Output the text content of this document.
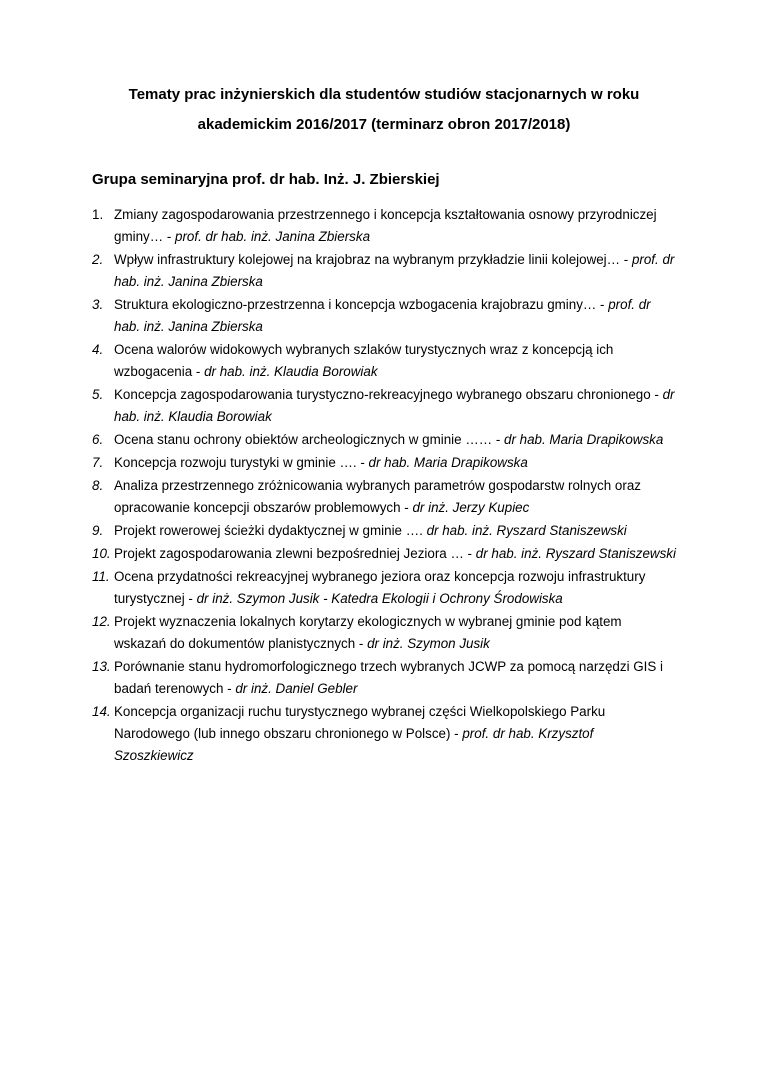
Tematy prac inżynierskich dla studentów studiów stacjonarnych w roku
akademickim 2016/2017 (terminarz obron 2017/2018)
Grupa seminaryjna prof. dr hab. Inż. J. Zbierskiej
1. Zmiany zagospodarowania przestrzennego i koncepcja kształtowania osnowy przyrodniczej gminy… - prof. dr hab. inż. Janina Zbierska
2. Wpływ infrastruktury kolejowej na krajobraz na wybranym przykładzie linii kolejowej… - prof. dr hab. inż. Janina Zbierska
3. Struktura ekologiczno-przestrzenna i koncepcja wzbogacenia krajobrazu gminy… - prof. dr hab. inż. Janina Zbierska
4. Ocena walorów widokowych wybranych szlaków turystycznych wraz z koncepcją ich wzbogacenia - dr hab. inż. Klaudia Borowiak
5. Koncepcja zagospodarowania turystyczno-rekreacyjnego wybranego obszaru chronionego - dr hab. inż. Klaudia Borowiak
6. Ocena stanu ochrony obiektów archeologicznych w gminie …… - dr hab. Maria Drapikowska
7. Koncepcja rozwoju turystyki w gminie …. - dr hab. Maria Drapikowska
8. Analiza przestrzennego zróżnicowania wybranych parametrów gospodarstw rolnych oraz opracowanie koncepcji obszarów problemowych - dr inż. Jerzy Kupiec
9. Projekt rowerowej ścieżki dydaktycznej w gminie …. dr hab. inż. Ryszard Staniszewski
10. Projekt zagospodarowania zlewni bezpośredniej Jeziora … - dr hab. inż. Ryszard Staniszewski
11. Ocena przydatności rekreacyjnej wybranego jeziora oraz koncepcja rozwoju infrastruktury turystycznej - dr inż. Szymon Jusik - Katedra Ekologii i Ochrony Środowiska
12. Projekt wyznaczenia lokalnych korytarzy ekologicznych w wybranej gminie pod kątem wskazań do dokumentów planistycznych - dr inż. Szymon Jusik
13. Porównanie stanu hydromorfologicznego trzech wybranych JCWP za pomocą narzędzi GIS i badań terenowych - dr inż. Daniel Gebler
14. Koncepcja organizacji ruchu turystycznego wybranej części Wielkopolskiego Parku Narodowego (lub innego obszaru chronionego w Polsce) - prof. dr hab. Krzysztof Szoszkiewicz
